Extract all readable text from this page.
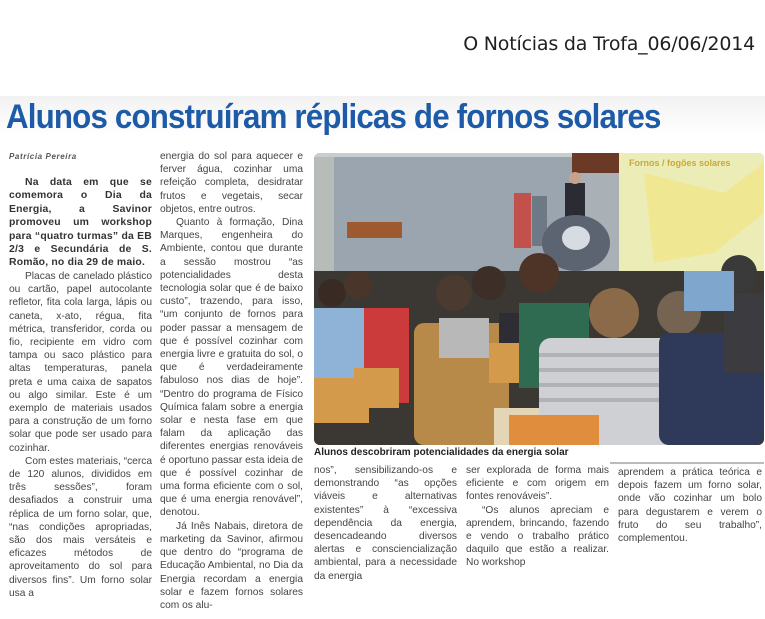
O Notícias da Trofa_06/06/2014
Alunos construíram réplicas de fornos solares
Patrícia Pereira

Na data em que se comemora o Dia da Energia, a Savinor promoveu um workshop para “quatro turmas” da EB 2/3 e Secundária de S. Romão, no dia 29 de maio.

Placas de canelado plástico ou cartão, papel autocolante refletor, fita cola larga, lápis ou caneta, x-ato, régua, fita métrica, transferidor, corda ou fio, recipiente em vidro com tampa ou saco plástico para altas temperaturas, panela preta e uma caixa de sapatos ou algo similar. Este é um exemplo de materiais usados para a construção de um forno solar que pode ser usado para cozinhar.

Com estes materiais, “cerca de 120 alunos, divididos em três sessões”, foram desafiados a construir uma réplica de um forno solar, que, “nas condições apropriadas, são dos mais versáteis e eficazes métodos de aproveitamento do sol para diversos fins”. Um forno solar usa a

energia do sol para aquecer e ferver água, cozinhar uma refeição completa, desidratar frutos e vegetais, secar objetos, entre outros.

Quanto à formação, Dina Marques, engenheira do Ambiente, contou que durante a sessão mostrou “as potencialidades desta tecnologia solar que é de baixo custo”, trazendo, para isso, “um conjunto de fornos para poder passar a mensagem de que é possível cozinhar com energia livre e gratuita do sol, o que é verdadeiramente fabuloso nos dias de hoje”. “Dentro do programa de Físico Química falam sobre a energia solar e nesta fase em que falam da aplicação das diferentes energias renováveis é oportuno passar esta ideia de que é possível cozinhar de uma forma eficiente com o sol, que é uma energia renovável”, denotou.

Já Inês Nabais, diretora de marketing da Savinor, afirmou que dentro do “programa de Educação Ambiental, no Dia da Energia recordam a energia solar e fazem fornos solares com os alu-

Fornos / fogões solares
Alunos descobriram potencialidades da energia solar

nos”, sensibilizando-os e demonstrando “as opções viáveis e alternativas existentes” à “excessiva dependência da energia, desencadeando diversos alertas e consciencialização ambiental, para a necessidade da energia

ser explorada de forma mais eficiente e com origem em fontes renováveis”.

“Os alunos apreciam e aprendem, brincando, fazendo e vendo o trabalho prático daquilo que estão a realizar. No workshop

aprendem a prática teórica e depois fazem um forno solar, onde vão cozinhar um bolo para degustarem e verem o fruto do seu trabalho”, complementou.
